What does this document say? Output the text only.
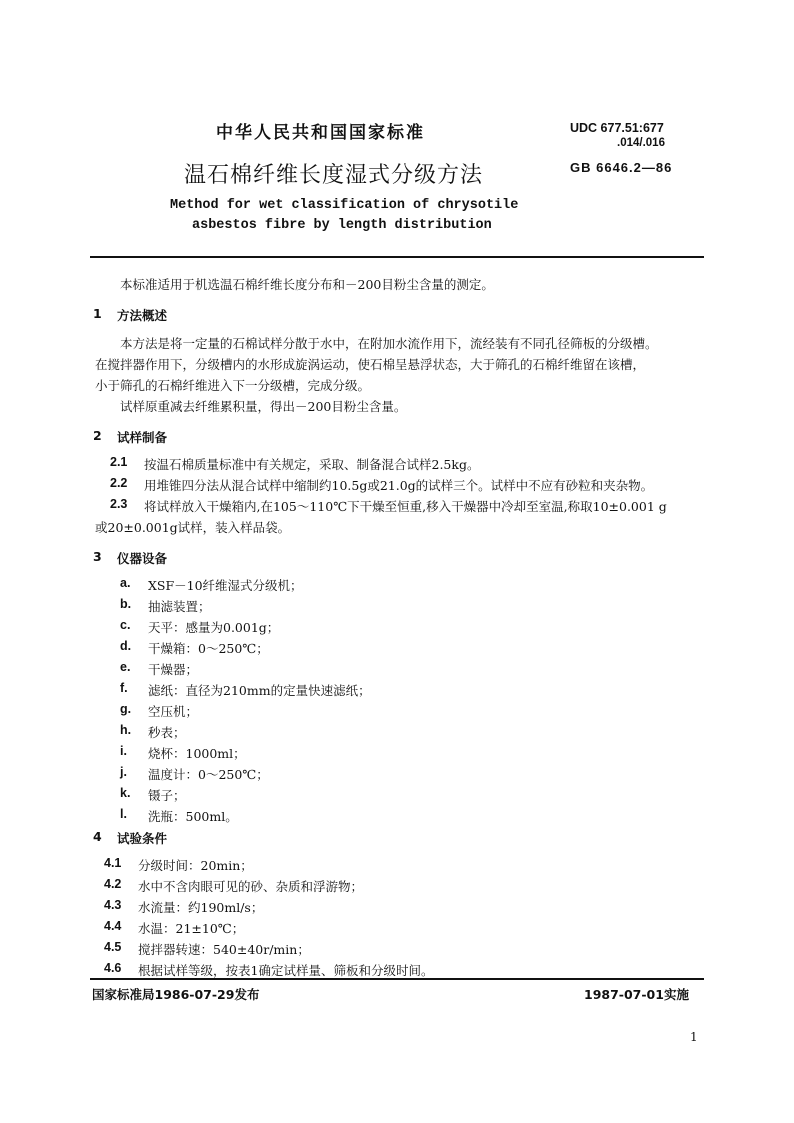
中华人民共和国国家标准	UDC 677.51:677
.014/.016
温石棉纤维长度湿式分级方法	GB 6646.2—86
Method for wet classification of chrysotile
asbestos fibre by length distribution
本标准适用于机选温石棉纤维长度分布和－200目粉尘含量的测定。
1 方法概述
本方法是将一定量的石棉试样分散于水中，在附加水流作用下，流经装有不同孔径筛板的分级槽。
在搅拌器作用下，分级槽内的水形成旋涡运动，使石棉呈悬浮状态，大于筛孔的石棉纤维留在该槽，
小于筛孔的石棉纤维进入下一分级槽，完成分级。
试样原重减去纤维累积量，得出－200目粉尘含量。
2 试样制备
2.1 按温石棉质量标准中有关规定，采取、制备混合试样2.5kg。
2.2 用堆锥四分法从混合试样中缩制约10.5g或21.0g的试样三个。试样中不应有砂粒和夹杂物。
2.3 将试样放入干燥箱内,在105～110℃下干燥至恒重,移入干燥器中冷却至室温,称取10±0.001 g
或20±0.001g试样，装入样品袋。
3 仪器设备
a. XSF－10纤维湿式分级机；
b. 抽滤装置；
c. 天平：感量为0.001g；
d. 干燥箱：0～250℃；
e. 干燥器；
f. 滤纸：直径为210mm的定量快速滤纸；
g. 空压机；
h. 秒表；
i. 烧杯：1000ml；
j. 温度计：0～250℃；
k. 镊子；
l. 洗瓶：500ml。
4 试验条件
4.1 分级时间：20min；
4.2 水中不含肉眼可见的砂、杂质和浮游物；
4.3 水流量：约190ml/s；
4.4 水温：21±10℃；
4.5 搅拌器转速：540±40r/min；
4.6 根据试样等级，按表1确定试样量、筛板和分级时间。
国家标准局1986-07-29发布	1987-07-01实施
1
